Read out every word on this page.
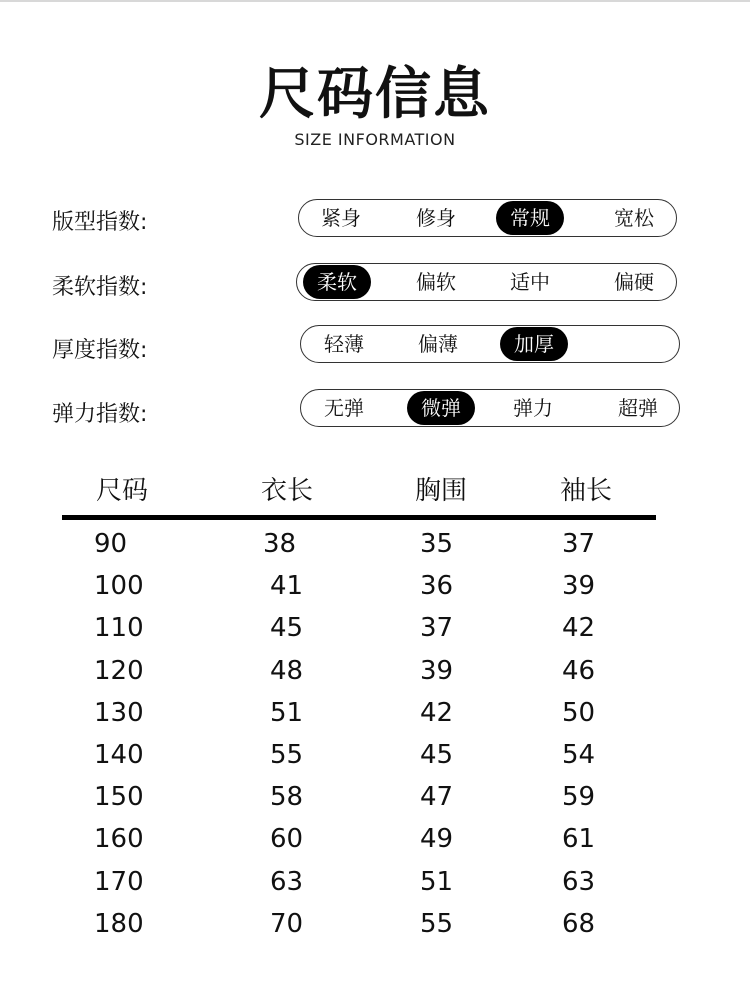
尺码信息
SIZE INFORMATION
版型指数:	紧身	修身	常规	宽松
柔软指数:	柔软	偏软	适中	偏硬
厚度指数:	轻薄	偏薄	加厚
弹力指数:	无弹	微弹	弹力	超弹
尺码	衣长	胸围	袖长
90	38	35	37
100	41	36	39
110	45	37	42
120	48	39	46
130	51	42	50
140	55	45	54
150	58	47	59
160	60	49	61
170	63	51	63
180	70	55	68
